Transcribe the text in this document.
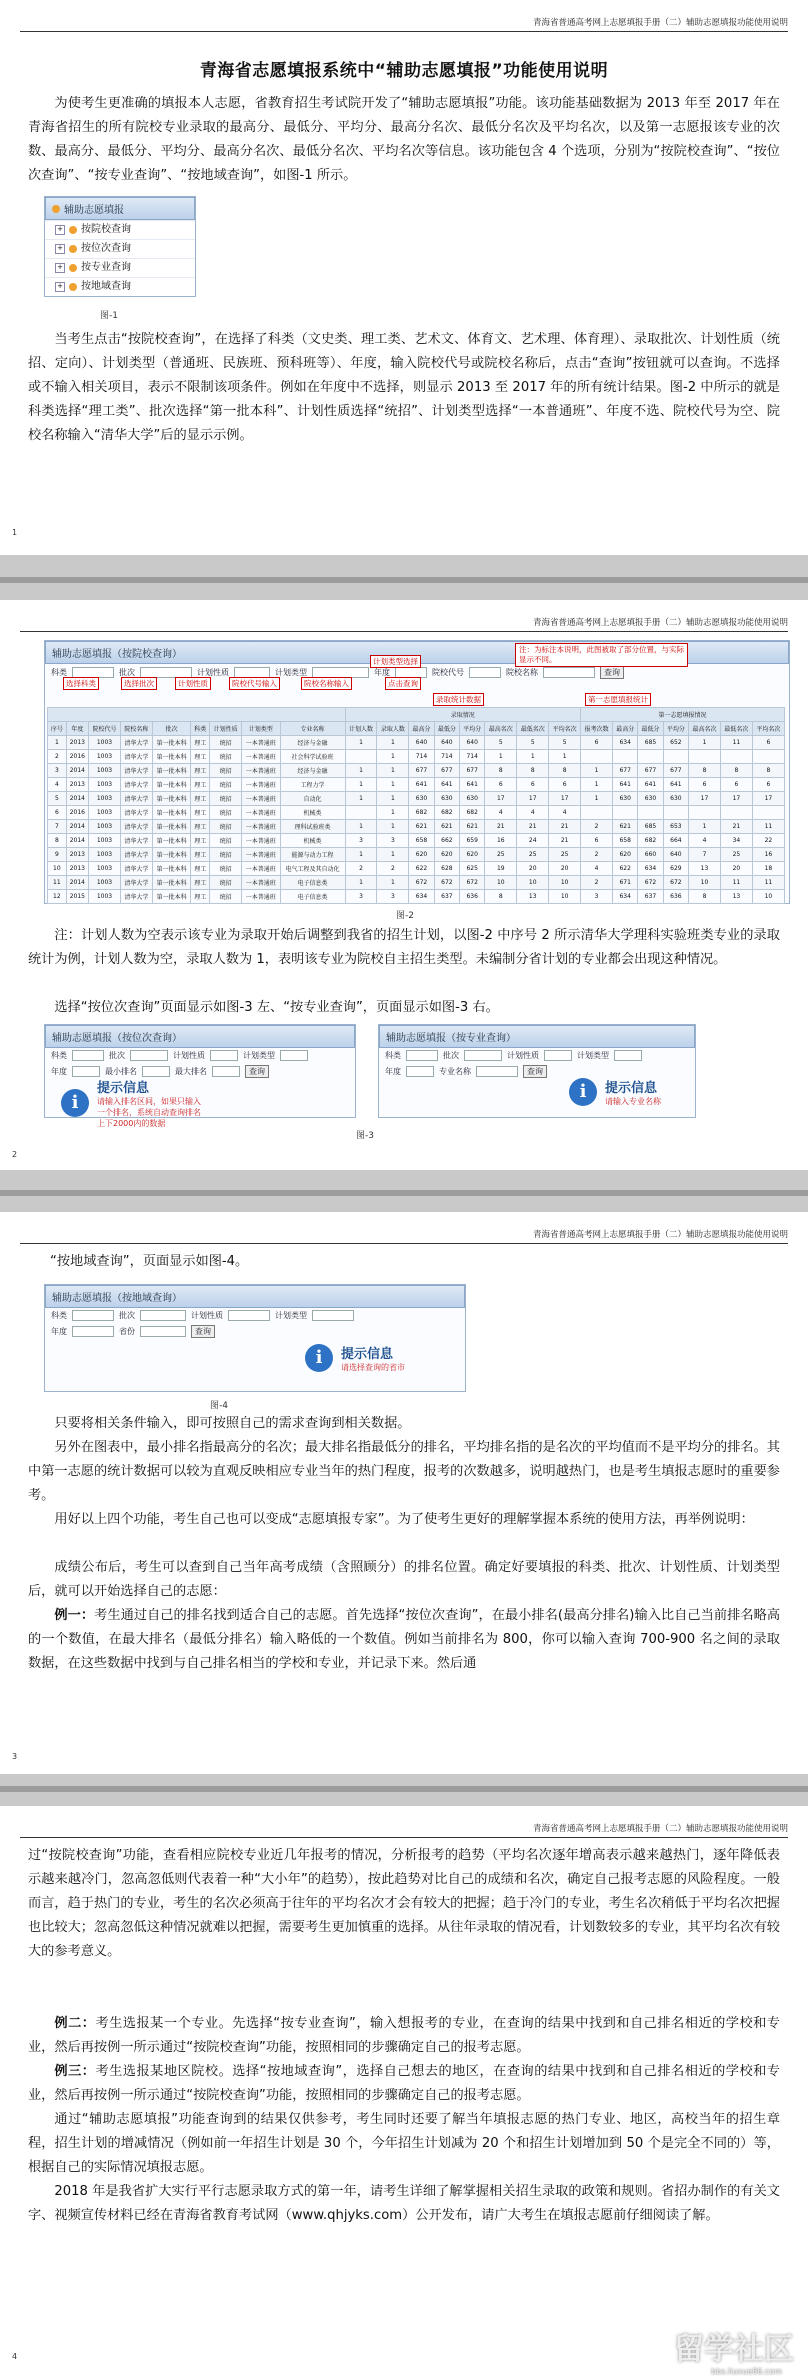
青海省普通高考网上志愿填报手册（二）辅助志愿填报功能使用说明
青海省志愿填报系统中“辅助志愿填报”功能使用说明

为使考生更准确的填报本人志愿，省教育招生考试院开发了“辅助志愿填报”功能。该功能基础数据为 2013 年至 2017 年在青海省招生的所有院校专业录取的最高分、最低分、平均分、最高分名次、最低分名次及平均名次，以及第一志愿报该专业的次数、最高分、最低分、平均分、最高分名次、最低分名次、平均名次等信息。该功能包含 4 个选项，分别为“按院校查询”、“按位次查询”、“按专业查询”、“按地域查询”，如图-1 所示。

辅助志愿填报
+ 按院校查询
+ 按位次查询
+ 按专业查询
+ 按地域查询
图-1

当考生点击“按院校查询”，在选择了科类（文史类、理工类、艺术文、体育文、艺术理、体育理）、录取批次、计划性质（统招、定向）、计划类型（普通班、民族班、预科班等）、年度，输入院校代号或院校名称后，点击“查询”按钮就可以查询。不选择或不输入相关项目，表示不限制该项条件。例如在年度中不选择，则显示 2013 至 2017 年的所有统计结果。图-2 中所示的就是科类选择“理工类”、批次选择“第一批本科”、计划性质选择“统招”、计划类型选择“一本普通班”、年度不选、院校代号为空、院校名称输入“清华大学”后的显示示例。

1
青海省普通高考网上志愿填报手册（二）辅助志愿填报功能使用说明
辅助志愿填报（按院校查询）
科类	批次	计划性质	计划类型	年度	院校代号	院校名称	查询
计划类型选择
选择科类	选择批次	计划性质	院校代号输入	院校名称输入	点击查询
录取统计数据	第一志愿填报统计
注：为标注本说明，此图被取了部分位置，与实际显示不同。
									录取情况								第一志愿填报情况						
序号	年度	院校代号	院校名称	批次	科类	计划性质	计划类型	专业名称	计划人数	录取人数	最高分	最低分	平均分	最高名次	最低名次	平均名次	报考次数	最高分	最低分	平均分	最高名次	最低名次	平均名次
1	2013	1003	清华大学	第一批本科	理工	统招	一本普通班	经济与金融	1	1	640	640	640	5	5	5	6	634	685	652	1	11	6
2	2016	1003	清华大学	第一批本科	理工	统招	一本普通班	社会科学试验班		1	714	714	714	1	1	1							
3	2014	1003	清华大学	第一批本科	理工	统招	一本普通班	经济与金融	1	1	677	677	677	8	8	8	1	677	677	677	8	8	8
4	2013	1003	清华大学	第一批本科	理工	统招	一本普通班	工程力学	1	1	641	641	641	6	6	6	1	641	641	641	6	6	6
5	2014	1003	清华大学	第一批本科	理工	统招	一本普通班	自动化	1	1	630	630	630	17	17	17	1	630	630	630	17	17	17
6	2016	1003	清华大学	第一批本科	理工	统招	一本普通班	机械类		1	682	682	682	4	4	4							
7	2014	1003	清华大学	第一批本科	理工	统招	一本普通班	理科试验班类	1	1	621	621	621	21	21	21	2	621	685	653	1	21	11
8	2014	1003	清华大学	第一批本科	理工	统招	一本普通班	机械类	3	3	658	662	659	16	24	21	6	658	682	664	4	34	22
9	2013	1003	清华大学	第一批本科	理工	统招	一本普通班	能源与动力工程	1	1	620	620	620	25	25	25	2	620	660	640	7	25	16
10	2013	1003	清华大学	第一批本科	理工	统招	一本普通班	电气工程及其自动化	2	2	622	628	625	19	20	20	4	622	634	629	13	20	18
11	2014	1003	清华大学	第一批本科	理工	统招	一本普通班	电子信息类	1	1	672	672	672	10	10	10	2	671	672	672	10	11	11
12	2015	1003	清华大学	第一批本科	理工	统招	一本普通班	电子信息类	3	3	634	637	636	8	13	10	3	634	637	636	8	13	10
图-2

注：计划人数为空表示该专业为录取开始后调整到我省的招生计划，以图-2 中序号 2 所示清华大学理科实验班类专业的录取统计为例，计划人数为空，录取人数为 1，表明该专业为院校自主招生类型。未编制分省计划的专业都会出现这种情况。

选择“按位次查询”页面显示如图-3 左、“按专业查询”，页面显示如图-3 右。

辅助志愿填报（按位次查询）
科类	批次	计划性质	计划类型
年度	最小排名	最大排名	查询
i
提示信息
请输入排名区间，如果只输入一个排名，系统自动查询排名上下2000内的数据
辅助志愿填报（按专业查询）
科类	批次	计划性质	计划类型
年度	专业名称	查询
i	提示信息
请输入专业名称
图-3
2
青海省普通高考网上志愿填报手册（二）辅助志愿填报功能使用说明

“按地域查询”，页面显示如图-4。

辅助志愿填报（按地域查询）
科类	批次	计划性质	计划类型
年度	省份	查询
i	提示信息
请选择查询的省市
图-4

只要将相关条件输入，即可按照自己的需求查询到相关数据。

另外在图表中，最小排名指最高分的名次；最大排名指最低分的排名，平均排名指的是名次的平均值而不是平均分的排名。其中第一志愿的统计数据可以较为直观反映相应专业当年的热门程度，报考的次数越多，说明越热门，也是考生填报志愿时的重要参考。

用好以上四个功能，考生自己也可以变成“志愿填报专家”。为了使考生更好的理解掌握本系统的使用方法，再举例说明：

成绩公布后，考生可以查到自己当年高考成绩（含照顾分）的排名位置。确定好要填报的科类、批次、计划性质、计划类型后，就可以开始选择自己的志愿：

例一：考生通过自己的排名找到适合自己的志愿。首先选择“按位次查询”，在最小排名(最高分排名)输入比自己当前排名略高的一个数值，在最大排名（最低分排名）输入略低的一个数值。例如当前排名为 800，你可以输入查询 700-900 名之间的录取数据，在这些数据中找到与自己排名相当的学校和专业，并记录下来。然后通

3
青海省普通高考网上志愿填报手册（二）辅助志愿填报功能使用说明

过“按院校查询”功能，查看相应院校专业近几年报考的情况，分析报考的趋势（平均名次逐年增高表示越来越热门，逐年降低表示越来越冷门，忽高忽低则代表着一种“大小年”的趋势），按此趋势对比自己的成绩和名次，确定自己报考志愿的风险程度。一般而言，趋于热门的专业，考生的名次必须高于往年的平均名次才会有较大的把握；趋于冷门的专业，考生名次稍低于平均名次把握也比较大；忽高忽低这种情况就难以把握，需要考生更加慎重的选择。从往年录取的情况看，计划数较多的专业，其平均名次有较大的参考意义。

例二：考生选报某一个专业。先选择“按专业查询”，输入想报考的专业，在查询的结果中找到和自己排名相近的学校和专业，然后再按例一所示通过“按院校查询”功能，按照相同的步骤确定自己的报考志愿。

例三：考生选报某地区院校。选择“按地域查询”，选择自己想去的地区，在查询的结果中找到和自己排名相近的学校和专业，然后再按例一所示通过“按院校查询”功能，按照相同的步骤确定自己的报考志愿。

通过“辅助志愿填报”功能查询到的结果仅供参考，考生同时还要了解当年填报志愿的热门专业、地区，高校当年的招生章程，招生计划的增减情况（例如前一年招生计划是 30 个，今年招生计划减为 20 个和招生计划增加到 50 个是完全不同的）等，根据自己的实际情况填报志愿。

2018 年是我省扩大实行平行志愿录取方式的第一年，请考生详细了解掌握相关招生录取的政策和规则。省招办制作的有关文字、视频宣传材料已经在青海省教育考试网（www.qhjyks.com）公开发布，请广大考生在填报志愿前仔细阅读了解。

4	留学社区
bbs.liuxue86.com
